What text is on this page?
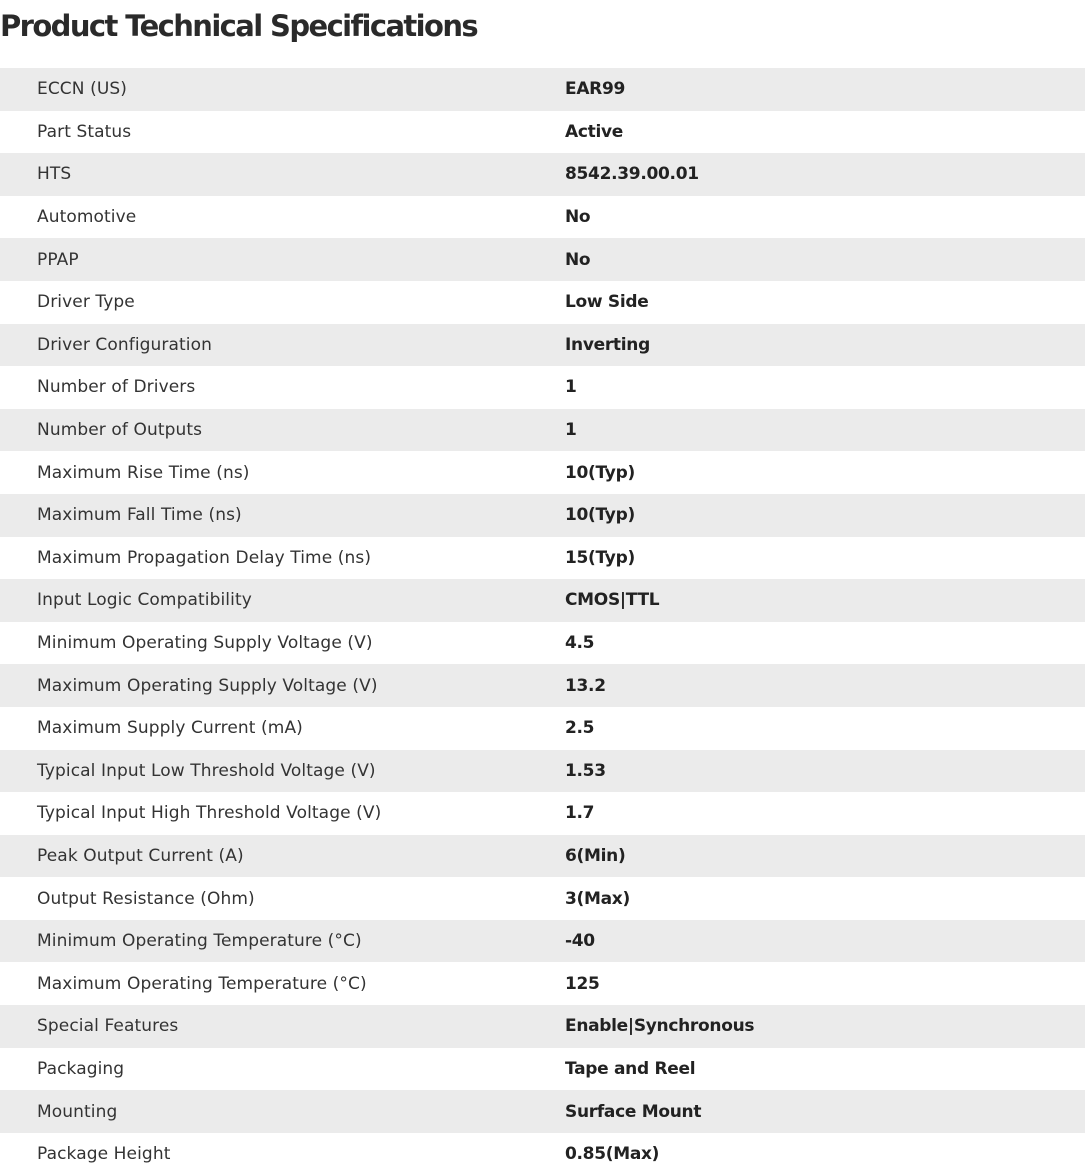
Product Technical Specifications
ECCN (US)	EAR99
Part Status	Active
HTS	8542.39.00.01
Automotive	No
PPAP	No
Driver Type	Low Side
Driver Configuration	Inverting
Number of Drivers	1
Number of Outputs	1
Maximum Rise Time (ns)	10(Typ)
Maximum Fall Time (ns)	10(Typ)
Maximum Propagation Delay Time (ns)	15(Typ)
Input Logic Compatibility	CMOS|TTL
Minimum Operating Supply Voltage (V)	4.5
Maximum Operating Supply Voltage (V)	13.2
Maximum Supply Current (mA)	2.5
Typical Input Low Threshold Voltage (V)	1.53
Typical Input High Threshold Voltage (V)	1.7
Peak Output Current (A)	6(Min)
Output Resistance (Ohm)	3(Max)
Minimum Operating Temperature (°C)	-40
Maximum Operating Temperature (°C)	125
Special Features	Enable|Synchronous
Packaging	Tape and Reel
Mounting	Surface Mount
Package Height	0.85(Max)
